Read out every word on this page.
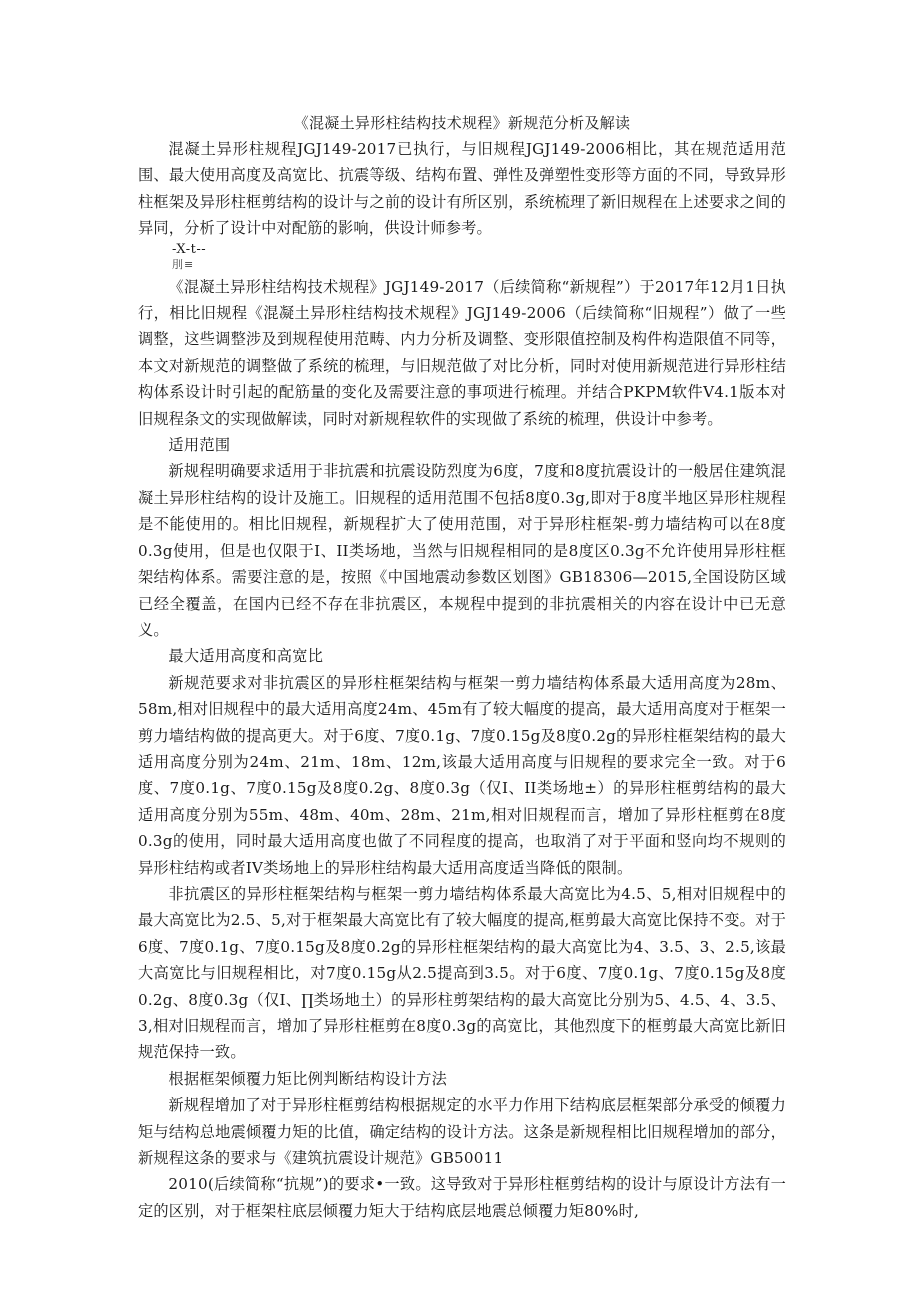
《混凝土异形柱结构技术规程》新规范分析及解读

混凝土异形柱规程JGJ149-2017已执行，与旧规程JGJ149-2006相比，其在规范适用范围、最大使用高度及高宽比、抗震等级、结构布置、弹性及弹塑性变形等方面的不同，导致异形柱框架及异形柱框剪结构的设计与之前的设计有所区别，系统梳理了新旧规程在上述要求之间的异同，分析了设计中对配筋的影响，供设计师参考。

-X-t--

刖≡

《混凝土异形柱结构技术规程》JGJ149-2017（后续简称“新规程”）于2017年12月1日执行，相比旧规程《混凝土异形柱结构技术规程》JGJ149-2006（后续简称“旧规程”）做了一些调整，这些调整涉及到规程使用范畴、内力分析及调整、变形限值控制及构件构造限值不同等，本文对新规范的调整做了系统的梳理，与旧规范做了对比分析，同时对使用新规范进行异形柱结构体系设计时引起的配筋量的变化及需要注意的事项进行梳理。并结合PKPM软件V4.1版本对旧规程条文的实现做解读，同时对新规程软件的实现做了系统的梳理，供设计中参考。

适用范围

新规程明确要求适用于非抗震和抗震设防烈度为6度，7度和8度抗震设计的一般居住建筑混凝土异形柱结构的设计及施工。旧规程的适用范围不包括8度0.3g,即对于8度半地区异形柱规程是不能使用的。相比旧规程，新规程扩大了使用范围，对于异形柱框架-剪力墙结构可以在8度0.3g使用，但是也仅限于I、II类场地，当然与旧规程相同的是8度区0.3g不允许使用异形柱框架结构体系。需要注意的是，按照《中国地震动参数区划图》GB18306—2015,全国设防区域已经全覆盖，在国内已经不存在非抗震区，本规程中提到的非抗震相关的内容在设计中已无意义。

最大适用高度和高宽比

新规范要求对非抗震区的异形柱框架结构与框架一剪力墙结构体系最大适用高度为28m、58m,相对旧规程中的最大适用高度24m、45m有了较大幅度的提高，最大适用高度对于框架一剪力墙结构做的提高更大。对于6度、7度0.1g、7度0.15g及8度0.2g的异形柱框架结构的最大适用高度分别为24m、21m、18m、12m,该最大适用高度与旧规程的要求完全一致。对于6度、7度0.1g、7度0.15g及8度0.2g、8度0.3g（仅I、II类场地±）的异形柱框剪结构的最大适用高度分别为55m、48m、40m、28m、21m,相对旧规程而言，增加了异形柱框剪在8度0.3g的使用，同时最大适用高度也做了不同程度的提高，也取消了对于平面和竖向均不规则的异形柱结构或者IV类场地上的异形柱结构最大适用高度适当降低的限制。

非抗震区的异形柱框架结构与框架一剪力墙结构体系最大高宽比为4.5、5,相对旧规程中的最大高宽比为2.5、5,对于框架最大高宽比有了较大幅度的提高,框剪最大高宽比保持不变。对于6度、7度0.1g、7度0.15g及8度0.2g的异形柱框架结构的最大高宽比为4、3.5、3、2.5,该最大高宽比与旧规程相比，对7度0.15g从2.5提高到3.5。对于6度、7度0.1g、7度0.15g及8度0.2g、8度0.3g（仅I、∏类场地土）的异形柱剪架结构的最大高宽比分别为5、4.5、4、3.5、3,相对旧规程而言，增加了异形柱框剪在8度0.3g的高宽比，其他烈度下的框剪最大高宽比新旧规范保持一致。

根据框架倾覆力矩比例判断结构设计方法

新规程增加了对于异形柱框剪结构根据规定的水平力作用下结构底层框架部分承受的倾覆力矩与结构总地震倾覆力矩的比值，确定结构的设计方法。这条是新规程相比旧规程增加的部分，新规程这条的要求与《建筑抗震设计规范》GB50011

2010(后续简称“抗规”)的要求•一致。这导致对于异形柱框剪结构的设计与原设计方法有一定的区别，对于框架柱底层倾覆力矩大于结构底层地震总倾覆力矩80%时,
